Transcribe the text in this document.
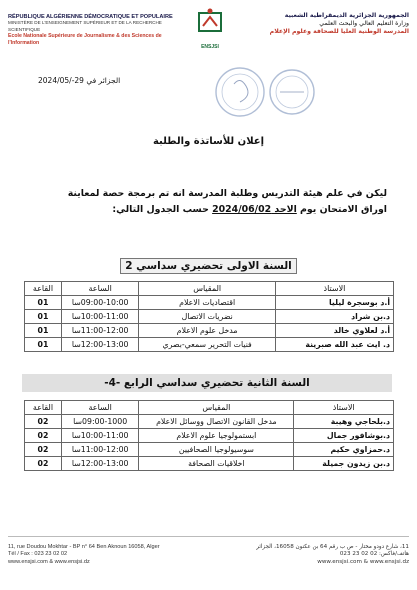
RÉPUBLIQUE ALGÉRIENNE DÉMOCRATIQUE ET POPULAIRE
MINISTÈRE DE L'ENSEIGNEMENT SUPÉRIEUR ET DE LA RECHERCHE SCIENTIFIQUE
Ecole Nationale Supérieure de Journalisme & des Sciences de l'Information
ENSJSI
الجمهورية الجزائرية الديمقراطية الشعبية
وزارة التعليم العالي والبحث العلمي
المدرسة الوطنية العليا للصحافة وعلوم الإعلام
الجزائر في 29-/2024/05
إعلان للأساتذة والطلبة
ليكن في علم هيئة التدريس وطلبة المدرسة انه تم برمجة حصة لمعاينة
اوراق الامتحان يوم الاحد 2024/06/02 حسب الجدول التالي:
السنة الاولى تحضيري سداسي 2
الاستاذ	المقياس	الساعة	القاعة
أ.د بوسجرة ليليا	اقتصاديات الاعلام	09:00-10:00سا	01
د.بن شراد	نضريات الاتصال	10:00-11:00سا	01
أ.د لعلاوي خالد	مدخل علوم الاعلام	11:00-12:00سا	01
د. ايت عبد الله صبرينة	فنيات التحرير سمعي-بصري	12:00-13:00سا	01
السنة الثانية تحضيري سداسي الرابع -4-
الاستاذ	المقياس	الساعة	القاعة
د.بلحاجي وهيبة	مدخل القانون الاتصال ووسائل الاعلام	09:00-1000سا	02
د.بوشافور جمال	ابستمولوجيا علوم الاعلام	10:00-11:00سا	02
د.حمزاوي حكيم	سوسيولوجيا الصحافيين	11:00-12:00سا	02
د.بن زيدون جميلة	اخلاقيات الصحافة	12:00-13:00سا	02
11, rue Doudou Mokhtar - BP n° 64 Ben Aknoun 16058, Alger
Tél / Fax : 023 23 02 02
www.ensjsi.com & www.ensjsi.dz
11، شارع دودو مختار - ص ب رقم 64 بن عكنون 16058، الجزائر
هاتف/فاكس: 02 02 23 023
www.ensjsi.com & www.ensjsi.dz
